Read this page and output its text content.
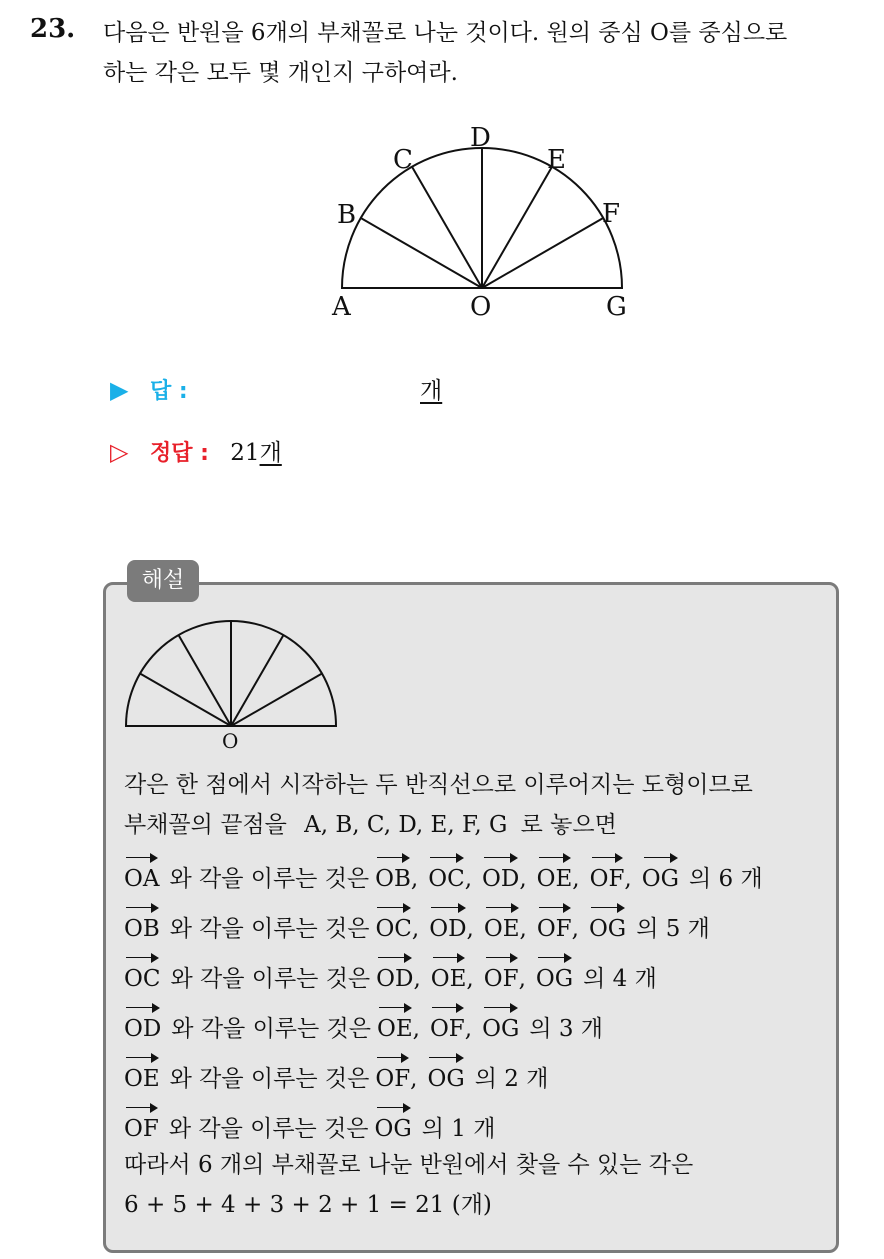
23. 다음은 반원을 6개의 부채꼴로 나눈 것이다. 원의 중심 O를 중심으로
하는 각은 모두 몇 개인지 구하여라.
A
B
C
D
E
F
G
O
▶ 답 :	개
▷ 정답 : 21개
해설
O
각은 한 점에서 시작하는 두 반직선으로 이루어지는 도형이므로
부채꼴의 끝점을 A, B, C, D, E, F, G 로 놓으면
OA 와 각을 이루는 것은 OB, OC, OD, OE, OF, OG 의 6 개
OB 와 각을 이루는 것은 OC, OD, OE, OF, OG 의 5 개
OC 와 각을 이루는 것은 OD, OE, OF, OG 의 4 개
OD 와 각을 이루는 것은 OE, OF, OG 의 3 개
OE 와 각을 이루는 것은 OF, OG 의 2 개
OF 와 각을 이루는 것은 OG 의 1 개
따라서 6 개의 부채꼴로 나눈 반원에서 찾을 수 있는 각은
6 + 5 + 4 + 3 + 2 + 1 = 21 (개)
